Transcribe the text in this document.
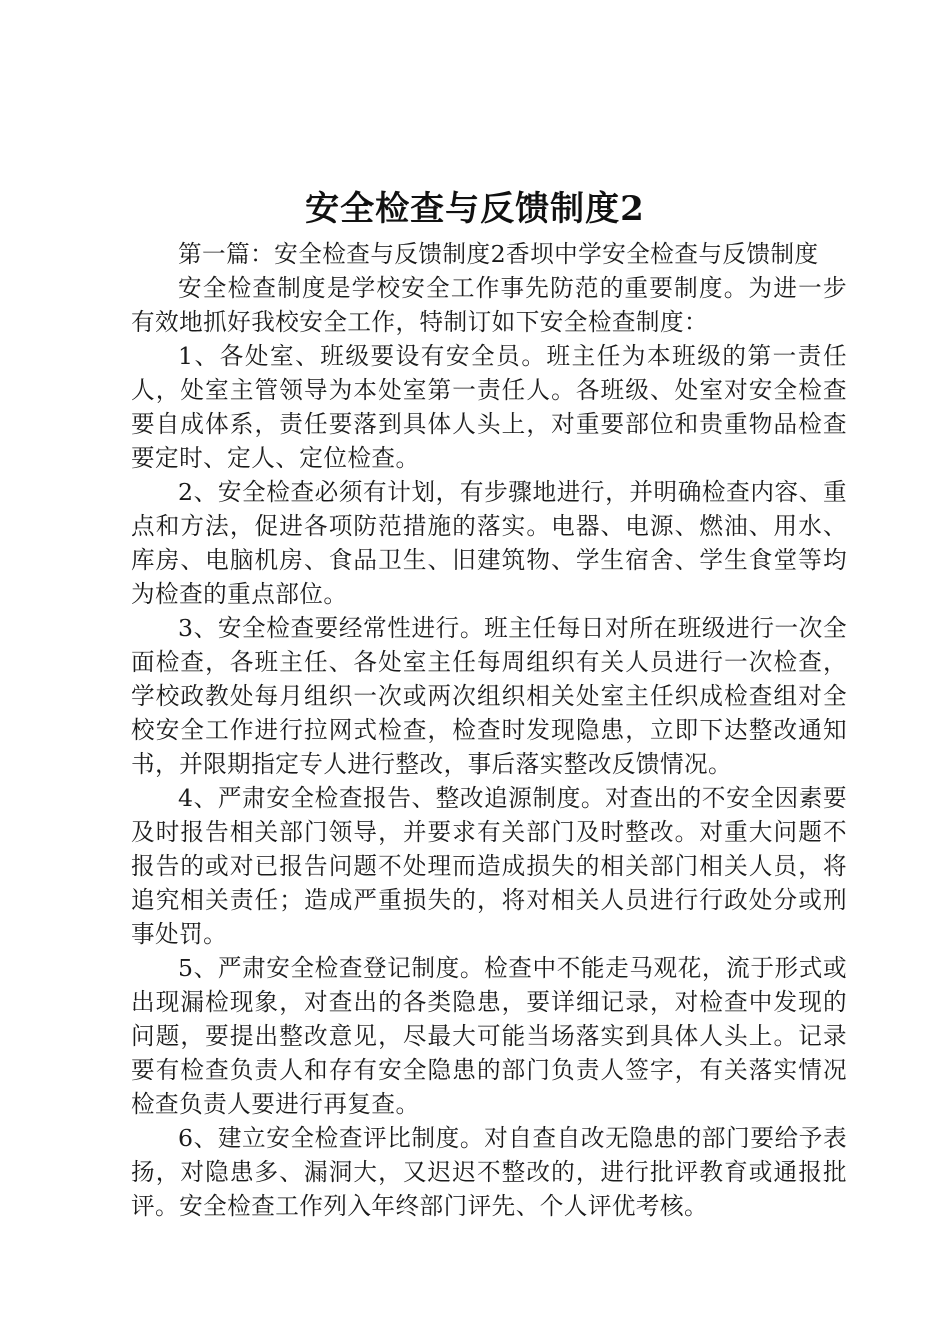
安全检查与反馈制度2

第一篇：安全检查与反馈制度2香坝中学安全检查与反馈制度

安全检查制度是学校安全工作事先防范的重要制度。为进一步有效地抓好我校安全工作，特制订如下安全检查制度：

1、各处室、班级要设有安全员。班主任为本班级的第一责任人，处室主管领导为本处室第一责任人。各班级、处室对安全检查要自成体系，责任要落到具体人头上，对重要部位和贵重物品检查要定时、定人、定位检查。

2、安全检查必须有计划，有步骤地进行，并明确检查内容、重点和方法，促进各项防范措施的落实。电器、电源、燃油、用水、库房、电脑机房、食品卫生、旧建筑物、学生宿舍、学生食堂等均为检查的重点部位。

3、安全检查要经常性进行。班主任每日对所在班级进行一次全面检查，各班主任、各处室主任每周组织有关人员进行一次检查，学校政教处每月组织一次或两次组织相关处室主任织成检查组对全校安全工作进行拉网式检查，检查时发现隐患，立即下达整改通知书，并限期指定专人进行整改，事后落实整改反馈情况。

4、严肃安全检查报告、整改追源制度。对查出的不安全因素要及时报告相关部门领导，并要求有关部门及时整改。对重大问题不报告的或对已报告问题不处理而造成损失的相关部门相关人员，将追究相关责任；造成严重损失的，将对相关人员进行行政处分或刑事处罚。

5、严肃安全检查登记制度。检查中不能走马观花，流于形式或出现漏检现象，对查出的各类隐患，要详细记录，对检查中发现的问题，要提出整改意见，尽最大可能当场落实到具体人头上。记录要有检查负责人和存有安全隐患的部门负责人签字，有关落实情况检查负责人要进行再复查。

6、建立安全检查评比制度。对自查自改无隐患的部门要给予表扬，对隐患多、漏洞大，又迟迟不整改的，进行批评教育或通报批评。安全检查工作列入年终部门评先、个人评优考核。
